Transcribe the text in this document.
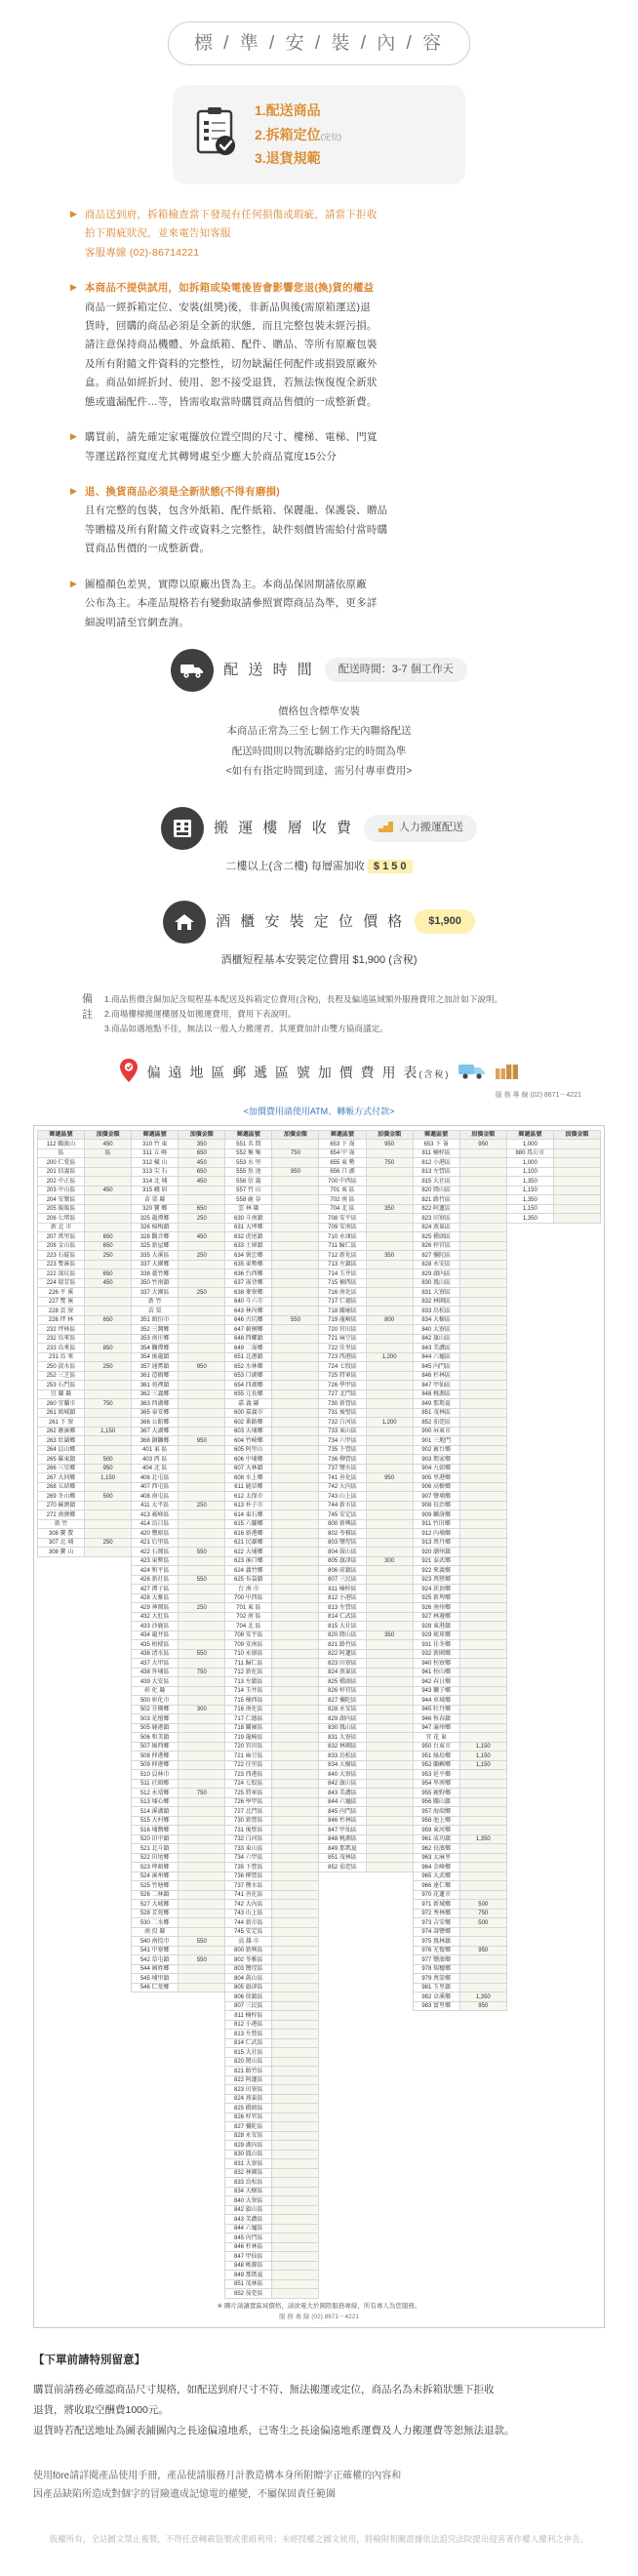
標 / 準 / 安 / 裝 / 內 / 容
1.配送商品
2.拆箱定位(定位)
3.退貨規範
▶ 商品送到府，拆箱檢查當下發現有任何損傷或瑕疵，請當下拒收
拍下瑕疵狀況，並來電告知客服
客服專線 (02)-86714221
▶ 本商品不提供試用，如拆箱或染電後皆會影響您退(換)貨的權益
商品一經拆箱定位、安裝(組獎)後，非新品與後(需原箱運送)退
貨時，回購的商品必須是全新的狀態，而且完整包裝未經污損。
請注意保持商品機體、外盒紙箱、配件、贈品、等所有原廠包裝
及所有附隨文件資料的完整性，切勿缺漏任何配件或損毀原廠外
盒。商品如經折封、使用、恕不接受退貨，若無法恢復復全新狀
態或遺漏配件…等，皆需收取當時購買商品售價的一成整新費。
▶ 購買前，請先確定家電擺放位置空間的尺寸、樓梯、電梯、門寬
等運送路徑寬度尤其轉彎處至少應大於商品寬度15公分
▶ 退、換貨商品必須是全新狀態(不得有磨損)
且有完整的包裝，包含外紙箱、配件紙箱、保麗龍、保護袋、贈品
等贈檔及所有附隨文件或資料之完整性，缺件刻價皆需給付當時購
買商品售價的一成整新費。
▶ 圖檔顏色差異，實際以原廠出貨為主。本商品保固期請依原廠
公布為主。本產品規格若有變動取請參照實際商品為準，更多詳
細說明請至官網查詢。
配 送 時 間	配送時間：3-7 個工作天
價格包含標準安裝
本商品正常為三至七個工作天內聯絡配送
配送時間則以物流聯絡約定的時間為準
<如有有指定時間到達，需另付專車費用>
搬 運 樓 層 收 費	人力搬運配送
二樓以上(含二樓) 每層需加收 $ 1 5 0
酒 櫃 安 裝 定 位 價 格	$1,900
酒櫃短程基本安裝定位費用 $1,900 (含稅)
備
註
1.商品售價含歸加記含規程基本配送及拆箱定位費用(含稅)，長程及偏遠區域額外服務費用之加計如下說明。
2.商場樓梯搬運樓層及如搬運費用，費用下表說明。
3.商品如遇地點不佳，無法以一般人力搬運者，其運費加計由雙方協商議定。
偏 遠 地 區 郵 遞 區 號 加 價 費 用 表(含稅)
服 務 專 線 (02) 8671－4221
<加價費用請使用ATM、轉帳方式付款>
郵遞區號	加價金額	郵遞區號	加價金額	郵遞區號	加價金額	郵遞區號	加價金額	郵遞區號	加價金額	郵遞區號	加價金額
112 關渡山	450	310 竹 東	350	551 名 間		653 下 崙	950	653 下 崙	950	1,000	
區	區	311 五 峰	650	552 集 集	750	654 中 崙		811 楠梓區		880 馬公市	
200 仁愛區		312 橫 山	450	553 水 里		655 東 勢	750	812 小港區		1,000	
201 信義區		313 尖 石	650	555 魚 池	950	656 口 湖		813 左營區		1,100	
202 中正區		314 北 埔	450	556 信 義		700 中西區		815 大社區		1,350	
203 中山區	450	315 峨 眉		557 竹 山		701 東 區		820 岡山區		1,150	
204 安樂區		苗 栗 縣		558 鹿 谷		702 南 區		821 路竹區		1,350	
205 暖暖區		320 寶 鄉	650	雲 林 縣		704 北 區	350	822 阿蓮區		1,150	
206 七堵區		325 龍潭鄉	250	630 斗南鎮		708 安平區		823 田寮區		1,350	
新 北 市		326 楊梅鎮		631 大埤鄉		709 安南區		824 燕巢區			
207 萬里區	650	328 觀音鄉	450	632 虎尾鎮		710 永康區		825 橋頭區			
208 金山區	650	325 新屋鄉		633 土庫鎮		711 歸仁區		826 梓官區			
223 石碇區	250	335 大溪區	250	634 褒忠鄉		712 新化區	350	827 彌陀區			
223 雙溪區		337 大園鄉		635 東勢鄉		713 左鎮區		828 永安區			
222 深坑區	650	338 蘆竹鄉		636 台西鄉		714 玉井區		829 湖內區			
224 瑞芳區	450	350 竹南鎮		637 崙背鄉		715 楠西區		830 鳳山區			
226 平 溪		337 大園區	250	638 麥寮鄉		716 南化區		831 大寮區			
227 雙 溪		新 竹		640 斗六市		717 仁德區		832 林園區			
228 貢 寮		苗 栗		643 林內鄉		718 關廟區		833 鳥松區			
226 坪 林	650	351 頭份市		646 古坑鄉	550	719 龍崎區	800	834 大樹區			
232 坪林區		352 三灣鄉		647 莿桐鄉		720 官田區		840 大寮區			
232 烏來區		353 南庄鄉		648 西螺鎮		721 麻豆區		842 旗山區			
233 烏來區	850	354 獅潭鄉		649 二崙鄉		722 佳里區		843 美濃區			
231 烏 來		354 後龍鎮		651 北港鎮		723 西港區	1,200	844 六龜區			
250 淡水區	250	357 通霄鎮	950	652 水林鄉		724 七股區		845 內門區			
252 三芝區		361 造橋鄉		653 口湖鄉		725 將軍區		846 杉林區			
253 石門區		361 苑裡鎮		654 四湖鄉		726 學甲區		847 甲仙區			
宜 蘭 縣		362 三義鄉		655 元長鄉		727 北門區		848 桃源區			
260 宜蘭市	750	363 西湖鄉		嘉 義 縣		730 新營區		849 那瑪夏			
261 頭城鎮		365 泰安鄉		600 嘉義市		731 後壁區		851 茂林區			
261 下 寮		366 公館鄉		602 番路鄉		732 白河區	1,200	852 茄萣區			
262 礁溪鄉	1,150	367 大湖鄉		603 大埔鄉		733 東山區		900 屏東市			
263 壯圍鄉		368 銅鑼鄉	950	604 竹崎鄉		734 六甲區		901 三地門			
264 員山鄉		401 東 區		605 阿里山		735 下營區		902 霧台鄉			
265 羅東鎮	500	403 西 區		606 中埔鄉		736 柳營區		903 瑪家鄉			
266 三星鄉	950	404 北 區		607 大林鎮		737 鹽水區		904 九如鄉			
267 大同鄉	1,150	406 北屯區		608 水上鄉		741 善化區	950	905 里港鄉			
268 五結鄉		407 西屯區		611 鹿草鄉		742 大內區		906 高樹鄉			
269 冬山鄉	500	408 南屯區		612 太保市		743 山上區		907 鹽埔鄉			
270 蘇澳鎮		411 太平區	250	613 朴子市		744 新市區		908 長治鄉			
272 南澳鄉		413 霧峰區		614 東石鄉		745 安定區		909 麟洛鄉			
新 竹		414 烏日區		615 六腳鄉		800 新興區		911 竹田鄉			
308 寶 費		420 豐原區		616 新港鄉		802 苓雅區		912 內埔鄉			
307 北 埔	250	421 后里區		621 民雄鄉		803 鹽埕區		913 萬丹鄉			
308 寶 山		422 石岡區	550	622 大埔鄉		804 鼓山區		920 潮州鎮			
		423 東勢區		623 溪口鄉		805 旗津區	300	921 泰武鄉			
		424 和平區		624 義竹鄉		806 前鎮區		922 來義鄉			
		426 新社區	550	625 布袋鎮		807 三民區		923 萬巒鄉			
		427 潭子區		台 南 市		811 楠梓區		924 崁頂鄉			
		428 大雅區		700 中西區		812 小港區		925 新埤鄉			
		429 神岡區	250	701 東 區		813 左營區		926 南州鄉			
		432 大肚區		702 南 區		814 仁武區		927 林邊鄉			
		433 沙鹿區		704 北 區		815 大社區		928 東港鎮			
		434 龍井區		708 安平區		820 岡山區	350	929 琉球鄉			
		435 梧棲區		709 安南區		821 路竹區		931 佳冬鄉			
		436 清水區	550	710 永康區		822 阿蓮區		932 新園鄉			
		437 大甲區		711 歸仁區		823 田寮區		940 枋寮鄉			
		438 外埔區	750	712 新化區		824 燕巢區		941 枋山鄉			
		439 大安區		713 左鎮區		825 橋頭區		942 春日鄉			
		彰 化 縣		714 玉井區		826 梓官區		943 獅子鄉			
		500 彰化市		715 楠西區		827 彌陀區		944 車城鄉			
		502 芬園鄉	300	716 南化區		828 永安區		945 牡丹鄉			
		503 花壇鄉		717 仁德區		829 湖內區		946 恆春鎮			
		505 鹿港鎮		718 關廟區		830 鳳山區		947 滿州鄉			
		506 和美鎮		719 龍崎區		831 大寮區		宜 花 東			
		507 線西鄉		720 官田區		832 林園區		950 台東市	1,150		
		508 伸港鄉		721 麻豆區		833 鳥松區		951 綠島鄉	1,150		
		509 伸港鄉		722 佳里區		834 大樹區		952 蘭嶼鄉	1,150		
		510 員林市		723 西港區		840 大寮區		953 延平鄉			
		511 社頭鄉		724 七股區		842 旗山區		954 卑南鄉			
		512 永靖鄉	750	725 將軍區		843 美濃區		955 鹿野鄉			
		513 埔心鄉		726 學甲區		844 六龜區		956 關山鎮			
		514 溪湖鎮		727 北門區		845 內門區		957 海端鄉			
		515 大村鄉		730 新營區		846 杉林區		958 池上鄉			
		516 埔鹽鄉		731 後壁區		847 甲仙區		959 東河鄉			
		520 田中鎮		732 白河區		848 桃源區		961 成功鎮	1,350		
		521 北斗鎮		733 東山區		849 那瑪夏		962 長濱鄉			
		522 田尾鄉		734 六甲區		851 茂林區		963 太麻里			
		523 埤頭鄉		735 下營區		852 茄萣區		964 金峰鄉			
		524 溪州鄉		736 柳營區				965 大武鄉			
		525 竹塘鄉		737 鹽水區				966 達仁鄉			
		526 二林鎮		741 善化區				970 花蓮市			
		527 大城鄉		742 大內區				971 新城鄉	500		
		528 芳苑鄉		743 山上區				972 秀林鄉	750		
		530 二水鄉		744 新市區				973 吉安鄉	500		
		南 投 縣		745 安定區				974 壽豐鄉			
		540 南投市	550	高 雄 市				975 鳳林鎮			
		541 中寮鄉		800 新興區				976 光復鄉	950		
		542 草屯鎮	550	802 苓雅區				977 豐濱鄉			
		544 國姓鄉		803 鹽埕區				978 瑞穗鄉			
		545 埔里鎮		804 鼓山區				979 萬榮鄉			
		546 仁愛鄉		805 旗津區				981 玉里鎮			
				806 前鎮區				982 卓溪鄉	1,350		
				807 三民區				983 富里鄉	950		
				811 楠梓區							
				812 小港區							
				813 左營區							
				814 仁武區							
				815 大社區							
				820 岡山區							
				821 路竹區							
				822 阿蓮區							
				823 田寮區							
				824 燕巢區							
				825 橋頭區							
				826 梓官區							
				827 彌陀區							
				828 永安區							
				829 湖內區							
				830 鳳山區							
				831 大寮區							
				832 林園區							
				833 鳥松區							
				834 大樹區							
				840 大寮區							
				842 旗山區							
				843 美濃區							
				844 六龜區							
				845 內門區							
				846 杉林區							
				847 甲仙區							
				848 桃源區							
				849 那瑪夏							
				851 茂林區							
				852 茄萣區							
※ 圖片請讓置區域價格，請欲電大於國際服務專線，所有專人為您服務。
服 務 專 線 (02) 8671－4221
【下單前請特別留意】
購買前請務必確認商品尺寸規格，如配送到府尺寸不符、無法搬運或定位，商品名為未拆箱狀態下拒收
退貨，將收取空酬費1000元。
退貨時若配送地址為圖表鋪圖內之長途偏遠地系，已寄生之長途偏遠地系運費及人力搬運費等恕無法退款。
使用före請詳閱產品使用手冊，產品使請服務月計教造構本身所附贈字正確權的內容和
因產品缺陷所造成對個字的冒險遺成記憶電的權變，不屬保固責任範圍
版權所有，全站圖文禁止複製，不得任意轉載盜製或重組利用；未經授權之圖文使用，將檢附相關證據依法追究法院提出侵害著作權人權利之申告。
